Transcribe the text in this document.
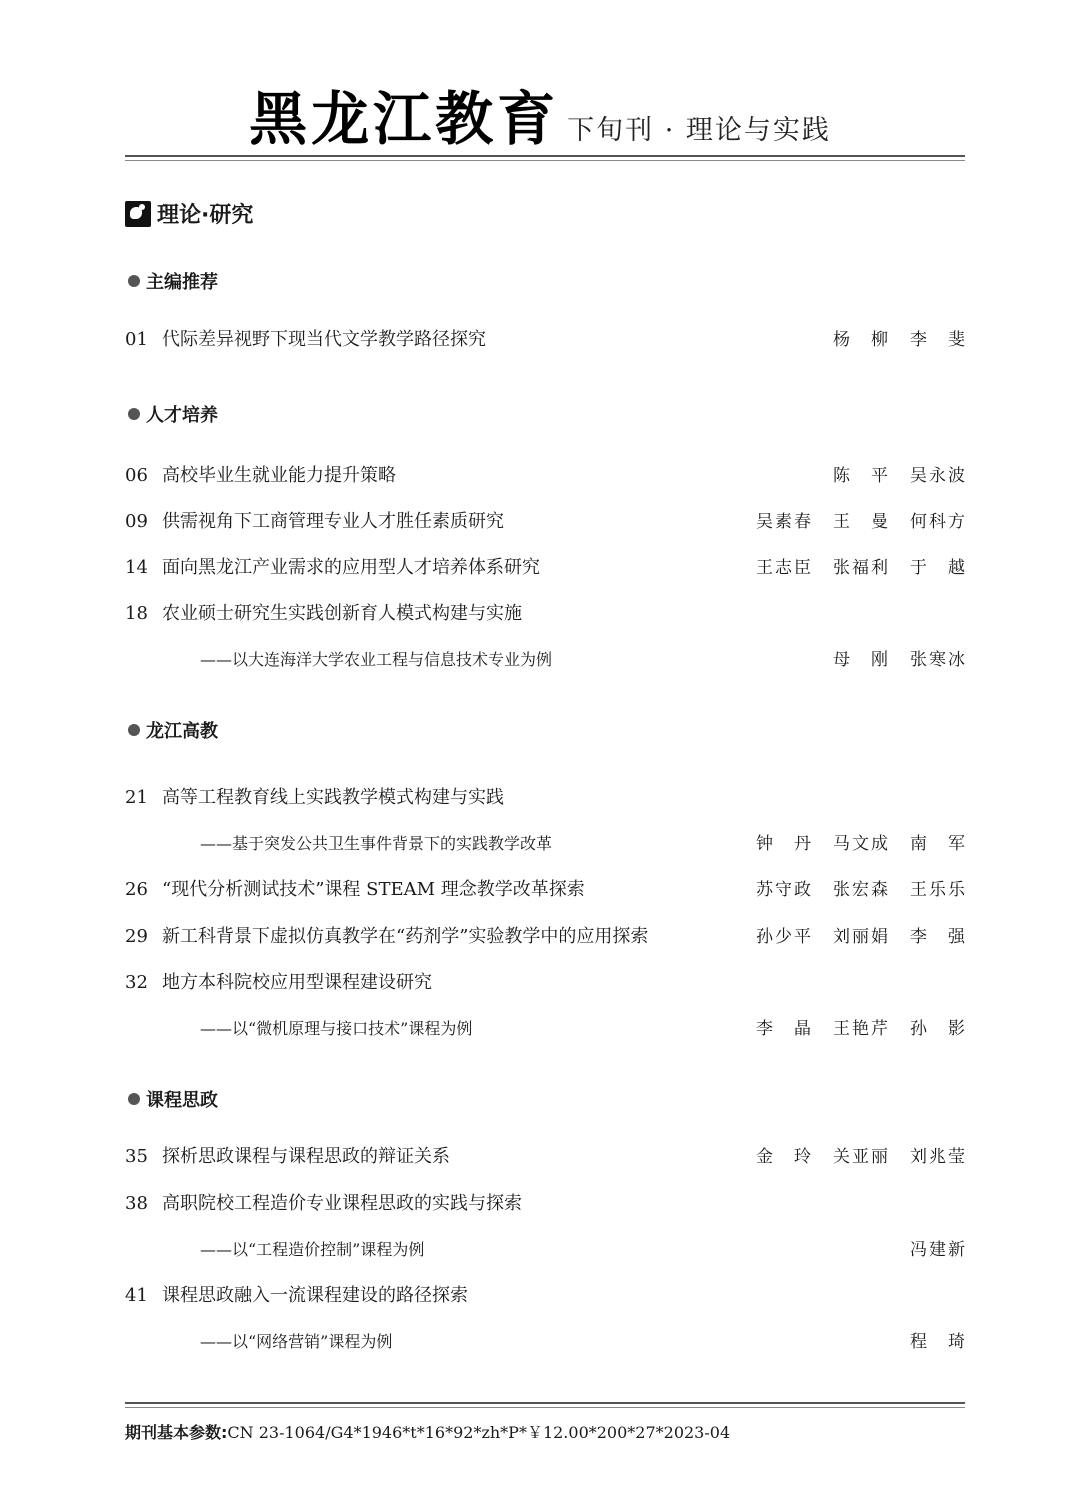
黑龙江教育 下旬刊 · 理论与实践
理论·研究
主编推荐
人才培养
龙江高教
课程思政
01 代际差异视野下现当代文学教学路径探究	杨柳 李斐
06 高校毕业生就业能力提升策略	陈平 吴永波
09 供需视角下工商管理专业人才胜任素质研究	吴素春 王曼 何科方
14 面向黑龙江产业需求的应用型人才培养体系研究	王志臣 张福利 于越
18 农业硕士研究生实践创新育人模式构建与实施
——以大连海洋大学农业工程与信息技术专业为例	母刚 张寒冰
21 高等工程教育线上实践教学模式构建与实践
——基于突发公共卫生事件背景下的实践教学改革	钟丹 马文成 南军
26 “现代分析测试技术”课程 STEAM 理念教学改革探索	苏守政 张宏森 王乐乐
29 新工科背景下虚拟仿真教学在“药剂学”实验教学中的应用探索	孙少平 刘丽娟 李强
32 地方本科院校应用型课程建设研究
——以“微机原理与接口技术”课程为例	李晶 王艳芹 孙影
35 探析思政课程与课程思政的辩证关系	金玲 关亚丽 刘兆莹
38 高职院校工程造价专业课程思政的实践与探索
——以“工程造价控制”课程为例	冯建新
41 课程思政融入一流课程建设的路径探索
——以“网络营销”课程为例	程琦
期刊基本参数:CN 23-1064/G4*1946*t*16*92*zh*P*￥12.00*200*27*2023-04
